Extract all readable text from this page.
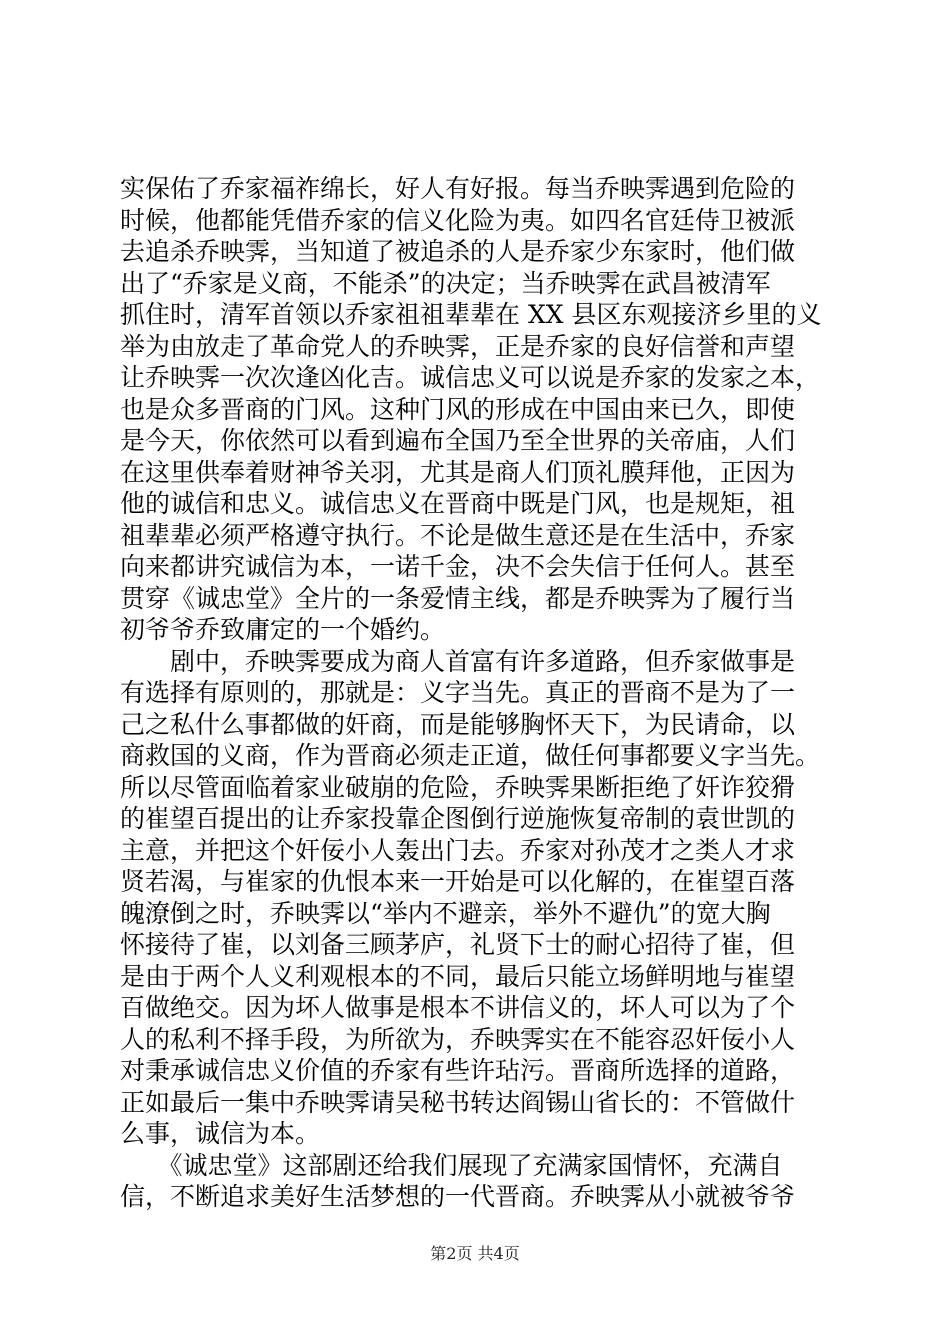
实保佑了乔家福祚绵长，好人有好报。每当乔映霁遇到危险的
时候，他都能凭借乔家的信义化险为夷。如四名官廷侍卫被派
去追杀乔映霁，当知道了被追杀的人是乔家少东家时，他们做
出了“乔家是义商，不能杀”的决定；当乔映霁在武昌被清军
抓住时，清军首领以乔家祖祖辈辈在 XX 县区东观接济乡里的义
举为由放走了革命党人的乔映霁，正是乔家的良好信誉和声望
让乔映霁一次次逢凶化吉。诚信忠义可以说是乔家的发家之本，
也是众多晋商的门风。这种门风的形成在中国由来已久，即使
是今天，你依然可以看到遍布全国乃至全世界的关帝庙，人们
在这里供奉着财神爷关羽，尤其是商人们顶礼膜拜他，正因为
他的诚信和忠义。诚信忠义在晋商中既是门风，也是规矩，祖
祖辈辈必须严格遵守执行。不论是做生意还是在生活中，乔家
向来都讲究诚信为本，一诺千金，决不会失信于任何人。甚至
贯穿《诚忠堂》全片的一条爱情主线，都是乔映霁为了履行当
初爷爷乔致庸定的一个婚约。
　　剧中，乔映霁要成为商人首富有许多道路，但乔家做事是
有选择有原则的，那就是：义字当先。真正的晋商不是为了一
己之私什么事都做的奸商，而是能够胸怀天下，为民请命，以
商救国的义商，作为晋商必须走正道，做任何事都要义字当先。
所以尽管面临着家业破崩的危险，乔映霁果断拒绝了奸诈狡猾
的崔望百提出的让乔家投靠企图倒行逆施恢复帝制的袁世凯的
主意，并把这个奸佞小人轰出门去。乔家对孙茂才之类人才求
贤若渴，与崔家的仇恨本来一开始是可以化解的，在崔望百落
魄潦倒之时，乔映霁以“举内不避亲，举外不避仇”的宽大胸
怀接待了崔，以刘备三顾茅庐，礼贤下士的耐心招待了崔，但
是由于两个人义利观根本的不同，最后只能立场鲜明地与崔望
百做绝交。因为坏人做事是根本不讲信义的，坏人可以为了个
人的私利不择手段，为所欲为，乔映霁实在不能容忍奸佞小人
对秉承诚信忠义价值的乔家有些许玷污。晋商所选择的道路，
正如最后一集中乔映霁请吴秘书转达阎锡山省长的：不管做什
么事，诚信为本。
　　《诚忠堂》这部剧还给我们展现了充满家国情怀，充满自
信，不断追求美好生活梦想的一代晋商。乔映霁从小就被爷爷
第2页 共4页
